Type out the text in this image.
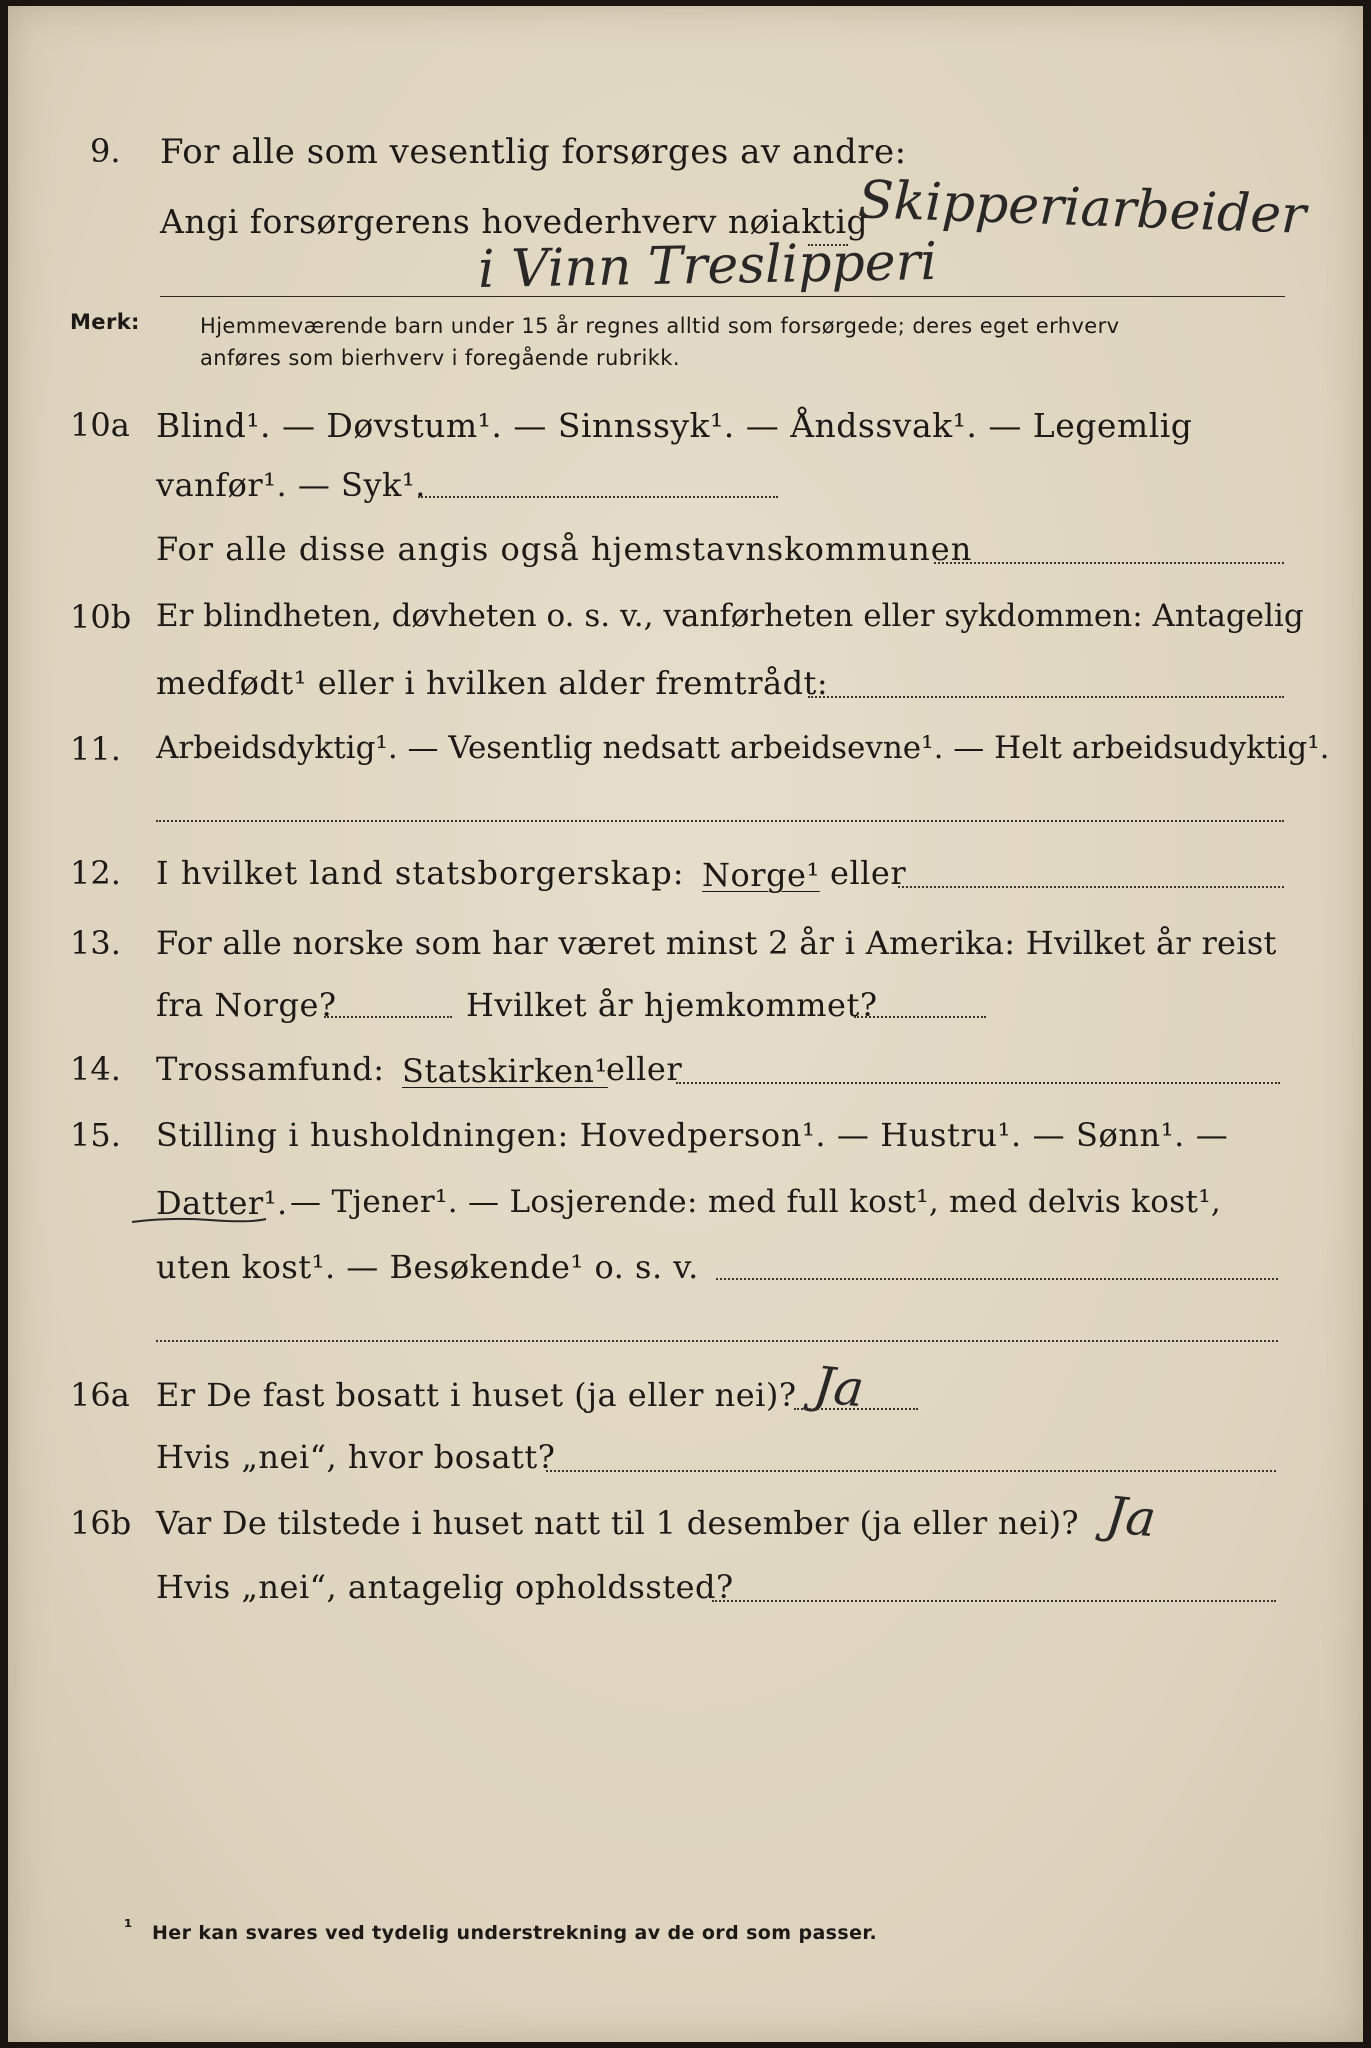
9. For alle som vesentlig forsørges av andre:
Angi forsørgerens hovederhverv nøiaktig
Skipperiarbeider
i Vinn Treslipperi
Merk:	Hjemmeværende barn under 15 år regnes alltid som forsørgede; deres eget erhverv
anføres som bierhverv i foregående rubrikk.
10a Blind¹. — Døvstum¹. — Sinnssyk¹. — Åndssvak¹. — Legemlig
vanfør¹. — Syk¹.
For alle disse angis også hjemstavnskommunen
10b Er blindheten, døvheten o. s. v., vanførheten eller sykdommen: Antagelig
medfødt¹ eller i hvilken alder fremtrådt:
11. Arbeidsdyktig¹. — Vesentlig nedsatt arbeidsevne¹. — Helt arbeidsudyktig¹.
12. I hvilket land statsborgerskap: Norge¹ eller
13. For alle norske som har været minst 2 år i Amerika: Hvilket år reist
fra Norge?	Hvilket år hjemkommet?
14. Trossamfund: Statskirken¹
eller
15. Stilling i husholdningen: Hovedperson¹. — Hustru¹. — Sønn¹. —
Datter¹. — Tjener¹. — Losjerende: med full kost¹, med delvis kost¹,
uten kost¹. — Besøkende¹ o. s. v.
16a Er De fast bosatt i huset (ja eller nei)? Ja
Hvis „nei“, hvor bosatt?
16b Var De tilstede i huset natt til 1 desember (ja eller nei)? Ja
Hvis „nei“, antagelig opholdssted?
¹ Her kan svares ved tydelig understrekning av de ord som passer.
